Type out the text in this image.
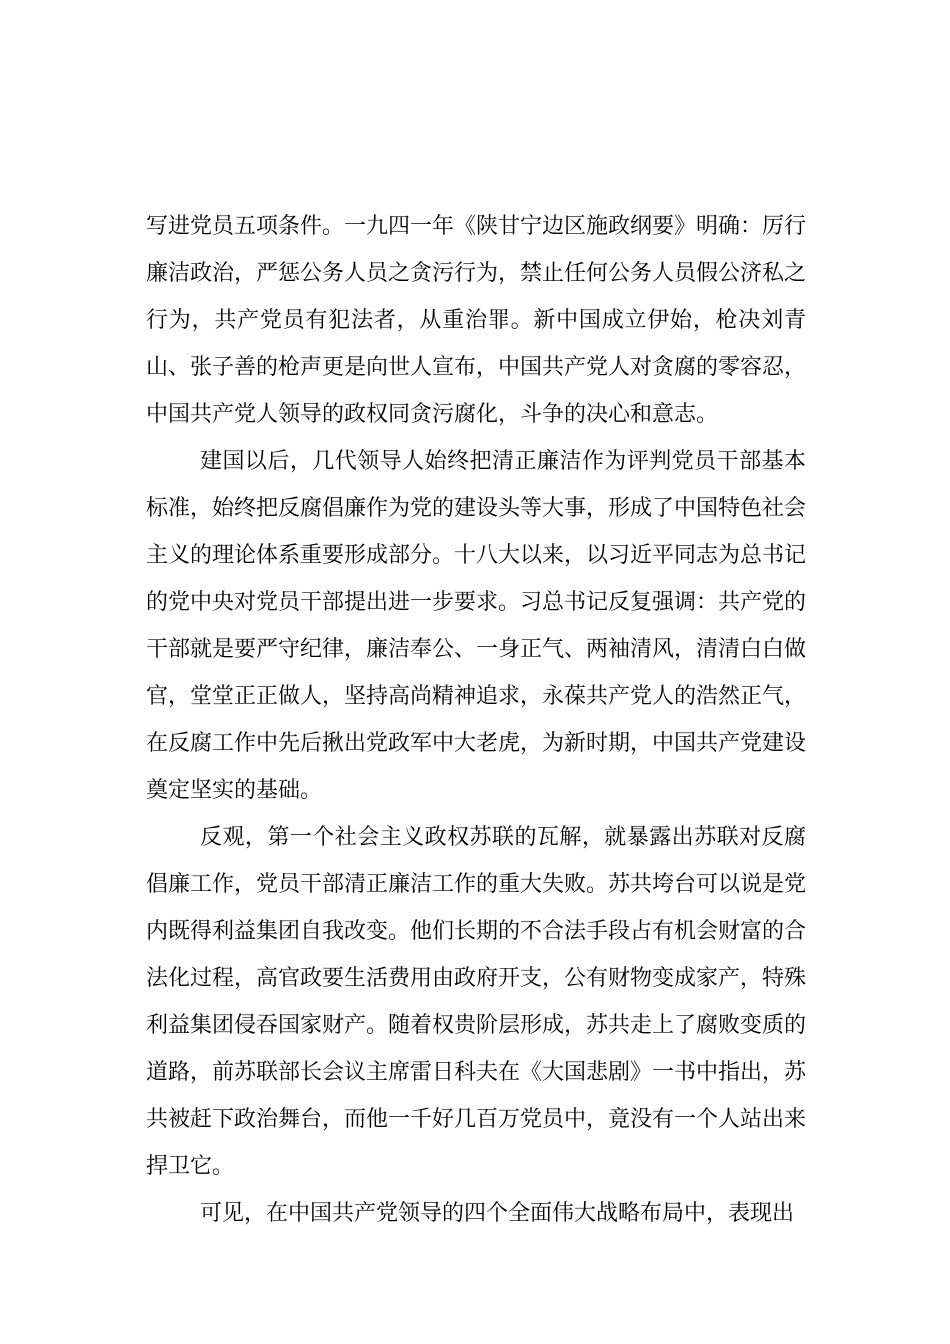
写进党员五项条件。一九四一年《陕甘宁边区施政纲要》明确：厉行廉洁政治，严惩公务人员之贪污行为，禁止任何公务人员假公济私之行为，共产党员有犯法者，从重治罪。新中国成立伊始，枪决刘青山、张子善的枪声更是向世人宣布，中国共产党人对贪腐的零容忍，中国共产党人领导的政权同贪污腐化，斗争的决心和意志。

建国以后，几代领导人始终把清正廉洁作为评判党员干部基本标准，始终把反腐倡廉作为党的建设头等大事，形成了中国特色社会主义的理论体系重要形成部分。十八大以来，以习近平同志为总书记的党中央对党员干部提出进一步要求。习总书记反复强调：共产党的干部就是要严守纪律，廉洁奉公、一身正气、两袖清风，清清白白做官，堂堂正正做人，坚持高尚精神追求，永葆共产党人的浩然正气，在反腐工作中先后揪出党政军中大老虎，为新时期，中国共产党建设奠定坚实的基础。

反观，第一个社会主义政权苏联的瓦解，就暴露出苏联对反腐倡廉工作，党员干部清正廉洁工作的重大失败。苏共垮台可以说是党内既得利益集团自我改变。他们长期的不合法手段占有机会财富的合法化过程，高官政要生活费用由政府开支，公有财物变成家产，特殊利益集团侵吞国家财产。随着权贵阶层形成，苏共走上了腐败变质的道路，前苏联部长会议主席雷日科夫在《大国悲剧》一书中指出，苏共被赶下政治舞台，而他一千好几百万党员中，竟没有一个人站出来捍卫它。

可见，在中国共产党领导的四个全面伟大战略布局中，表现出
